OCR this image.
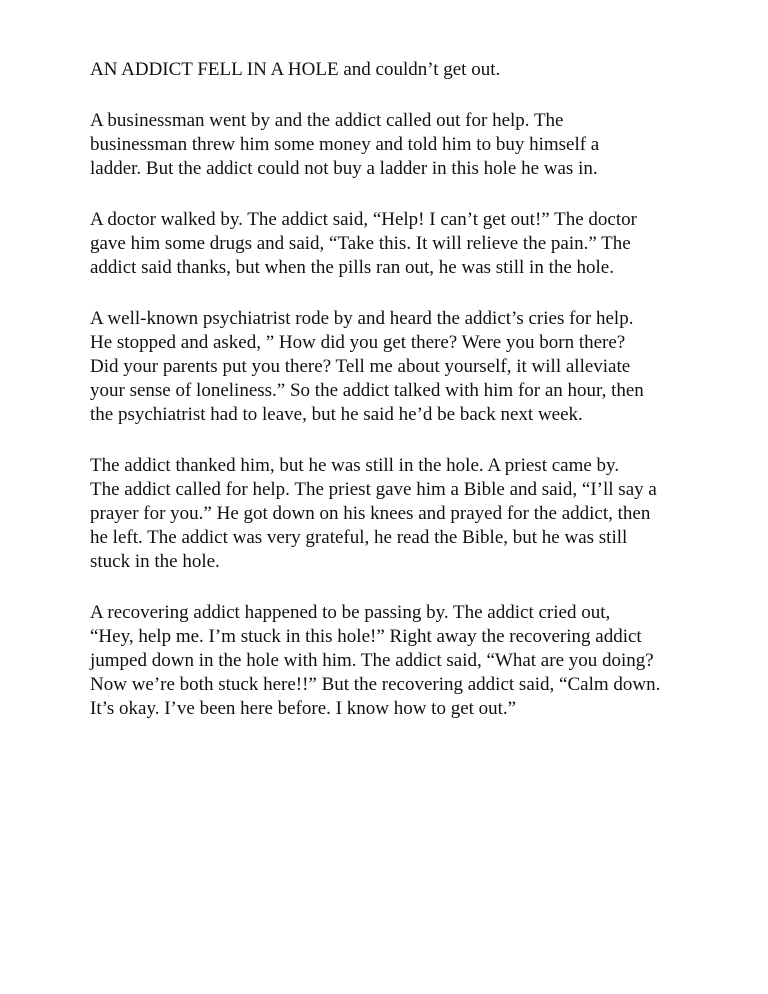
AN ADDICT FELL IN A HOLE and couldn’t get out.

A businessman went by and the addict called out for help. The
businessman threw him some money and told him to buy himself a
ladder. But the addict could not buy a ladder in this hole he was in.

A doctor walked by. The addict said, “Help! I can’t get out!” The doctor
gave him some drugs and said, “Take this. It will relieve the pain.” The
addict said thanks, but when the pills ran out, he was still in the hole.

A well-known psychiatrist rode by and heard the addict’s cries for help.
He stopped and asked, ” How did you get there? Were you born there?
Did your parents put you there? Tell me about yourself, it will alleviate
your sense of loneliness.” So the addict talked with him for an hour, then
the psychiatrist had to leave, but he said he’d be back next week.

The addict thanked him, but he was still in the hole. A priest came by.
The addict called for help. The priest gave him a Bible and said, “I’ll say a
prayer for you.” He got down on his knees and prayed for the addict, then
he left. The addict was very grateful, he read the Bible, but he was still
stuck in the hole.

A recovering addict happened to be passing by. The addict cried out,
“Hey, help me. I’m stuck in this hole!” Right away the recovering addict
jumped down in the hole with him. The addict said, “What are you doing?
Now we’re both stuck here!!” But the recovering addict said, “Calm down.
It’s okay. I’ve been here before. I know how to get out.”
